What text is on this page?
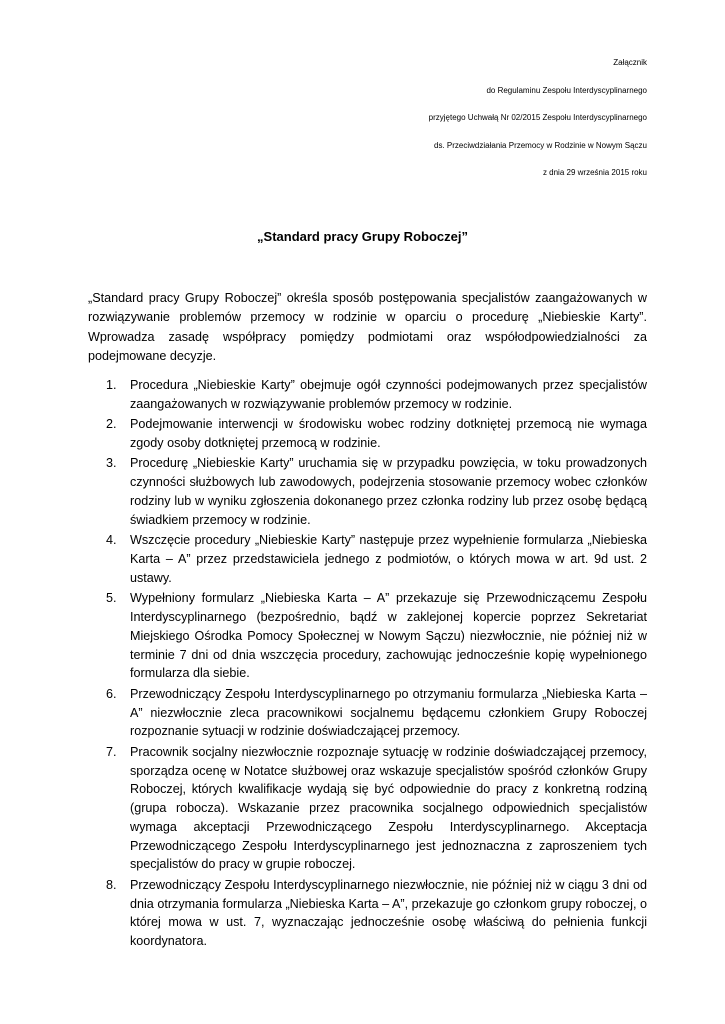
Załącznik
do Regulaminu Zespołu Interdyscyplinarnego
przyjętego Uchwałą Nr 02/2015 Zespołu Interdyscyplinarnego
ds. Przeciwdziałania Przemocy w Rodzinie w Nowym Sączu
z dnia 29 września 2015 roku
„Standard pracy Grupy Roboczej”

„Standard pracy Grupy Roboczej” określa sposób postępowania specjalistów zaangażowanych w rozwiązywanie problemów przemocy w rodzinie w oparciu o procedurę „Niebieskie Karty”. Wprowadza zasadę współpracy pomiędzy podmiotami oraz współodpowiedzialności za podejmowane decyzje.

1. Procedura „Niebieskie Karty” obejmuje ogół czynności podejmowanych przez specjalistów zaangażowanych w rozwiązywanie problemów przemocy w rodzinie.
2. Podejmowanie interwencji w środowisku wobec rodziny dotkniętej przemocą nie wymaga zgody osoby dotkniętej przemocą w rodzinie.
3. Procedurę „Niebieskie Karty” uruchamia się w przypadku powzięcia, w toku prowadzonych czynności służbowych lub zawodowych, podejrzenia stosowanie przemocy wobec członków rodziny lub w wyniku zgłoszenia dokonanego przez członka rodziny lub przez osobę będącą świadkiem przemocy w rodzinie.
4. Wszczęcie procedury „Niebieskie Karty” następuje przez wypełnienie formularza „Niebieska Karta – A” przez przedstawiciela jednego z podmiotów, o których mowa w art. 9d ust. 2 ustawy.
5. Wypełniony formularz „Niebieska Karta – A” przekazuje się Przewodniczącemu Zespołu Interdyscyplinarnego (bezpośrednio, bądź w zaklejonej kopercie poprzez Sekretariat Miejskiego Ośrodka Pomocy Społecznej w Nowym Sączu) niezwłocznie, nie później niż w terminie 7 dni od dnia wszczęcia procedury, zachowując jednocześnie kopię wypełnionego formularza dla siebie.
6. Przewodniczący Zespołu Interdyscyplinarnego po otrzymaniu formularza „Niebieska Karta – A” niezwłocznie zleca pracownikowi socjalnemu będącemu członkiem Grupy Roboczej rozpoznanie sytuacji w rodzinie doświadczającej przemocy.
7. Pracownik socjalny niezwłocznie rozpoznaje sytuację w rodzinie doświadczającej przemocy, sporządza ocenę w Notatce służbowej oraz wskazuje specjalistów spośród członków Grupy Roboczej, których kwalifikacje wydają się być odpowiednie do pracy z konkretną rodziną (grupa robocza). Wskazanie przez pracownika socjalnego odpowiednich specjalistów wymaga akceptacji Przewodniczącego Zespołu Interdyscyplinarnego. Akceptacja Przewodniczącego Zespołu Interdyscyplinarnego jest jednoznaczna z zaproszeniem tych specjalistów do pracy w grupie roboczej.
8. Przewodniczący Zespołu Interdyscyplinarnego niezwłocznie, nie później niż w ciągu 3 dni od dnia otrzymania formularza „Niebieska Karta – A”, przekazuje go członkom grupy roboczej, o której mowa w ust. 7, wyznaczając jednocześnie osobę właściwą do pełnienia funkcji koordynatora.
